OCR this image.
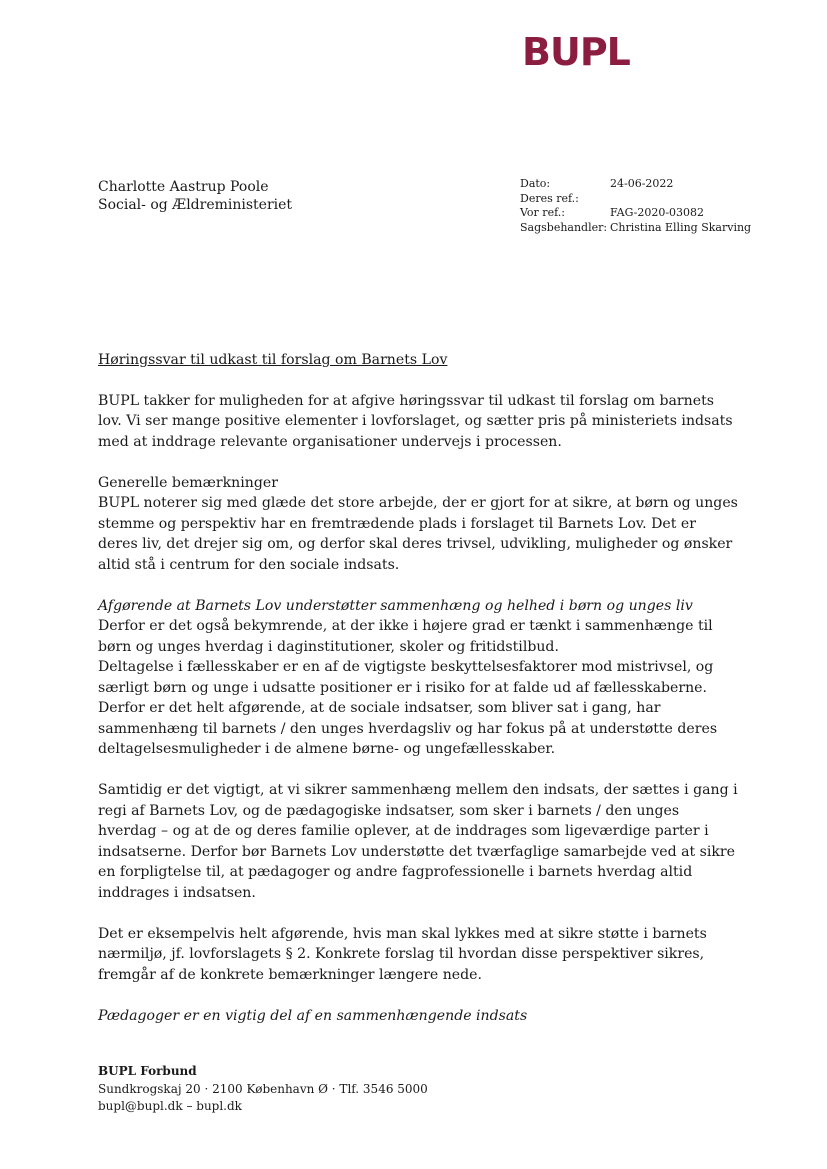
BUPL
Charlotte Aastrup Poole
Social- og Ældreministeriet
Dato:	24-06-2022
Deres ref.:
Vor ref.:	FAG-2020-03082
Sagsbehandler: Christina Elling Skarving
Høringssvar til udkast til forslag om Barnets Lov

BUPL takker for muligheden for at afgive høringssvar til udkast til forslag om barnets lov. Vi ser mange positive elementer i lovforslaget, og sætter pris på ministeriets indsats med at inddrage relevante organisationer undervejs i processen.

Generelle bemærkninger

BUPL noterer sig med glæde det store arbejde, der er gjort for at sikre, at børn og unges stemme og perspektiv har en fremtrædende plads i forslaget til Barnets Lov. Det er deres liv, det drejer sig om, og derfor skal deres trivsel, udvikling, muligheder og ønsker altid stå i centrum for den sociale indsats.

Afgørende at Barnets Lov understøtter sammenhæng og helhed i børn og unges liv

Derfor er det også bekymrende, at der ikke i højere grad er tænkt i sammenhænge til børn og unges hverdag i daginstitutioner, skoler og fritidstilbud.

Deltagelse i fællesskaber er en af de vigtigste beskyttelsesfaktorer mod mistrivsel, og særligt børn og unge i udsatte positioner er i risiko for at falde ud af fællesskaberne. Derfor er det helt afgørende, at de sociale indsatser, som bliver sat i gang, har sammenhæng til barnets / den unges hverdagsliv og har fokus på at understøtte deres deltagelsesmuligheder i de almene børne- og ungefællesskaber.

Samtidig er det vigtigt, at vi sikrer sammenhæng mellem den indsats, der sættes i gang i regi af Barnets Lov, og de pædagogiske indsatser, som sker i barnets / den unges hverdag – og at de og deres familie oplever, at de inddrages som ligeværdige parter i indsatserne. Derfor bør Barnets Lov understøtte det tværfaglige samarbejde ved at sikre en forpligtelse til, at pædagoger og andre fagprofessionelle i barnets hverdag altid inddrages i indsatsen.

Det er eksempelvis helt afgørende, hvis man skal lykkes med at sikre støtte i barnets nærmiljø, jf. lovforslagets § 2. Konkrete forslag til hvordan disse perspektiver sikres, fremgår af de konkrete bemærkninger længere nede.

Pædagoger er en vigtig del af en sammenhængende indsats
BUPL Forbund
Sundkrogskaj 20 · 2100 København Ø · Tlf. 3546 5000
bupl@bupl.dk – bupl.dk
